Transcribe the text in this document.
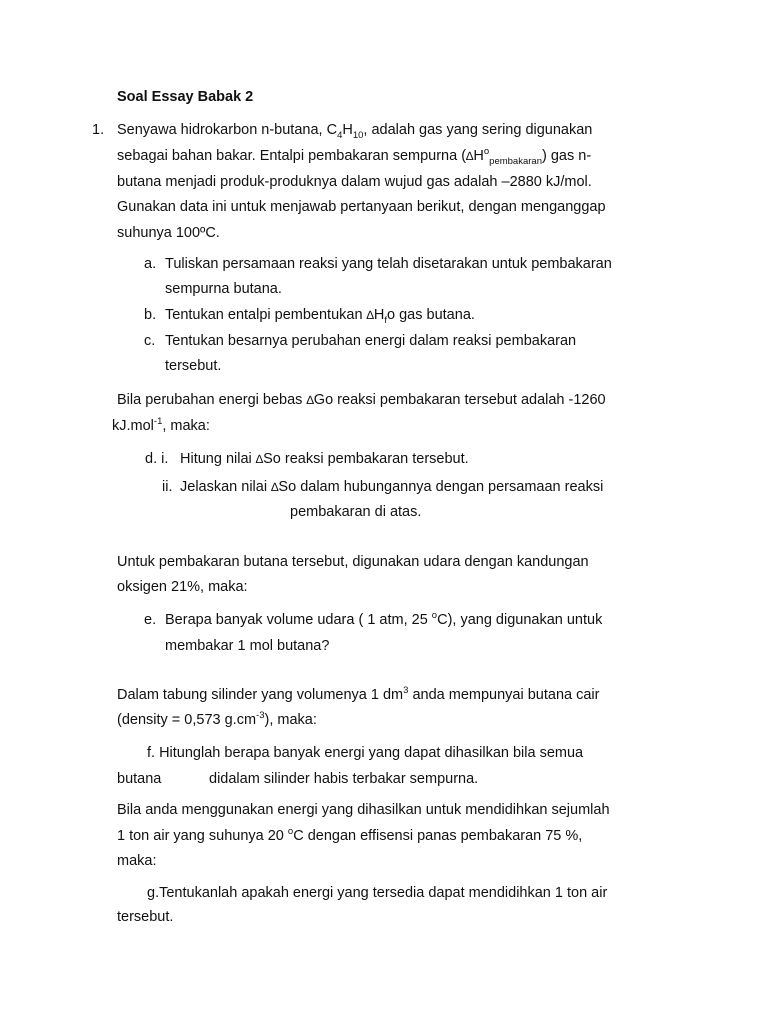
Soal Essay Babak 2
1. Senyawa hidrokarbon n-butana, $C_4H_{10}$, adalah gas yang sering digunakan
sebagai bahan bakar. Entalpi pembakaran sempurna $(\Delta H^o_{pembakaran})$ gas n-
butana menjadi produk-produknya dalam wujud gas adalah –2880 kJ/mol.
Gunakan data ini untuk menjawab pertanyaan berikut, dengan menganggap
suhunya 100ºC.
a. Tuliskan persamaan reaksi yang telah disetarakan untuk pembakaran
sempurna butana.
b. Tentukan entalpi pembentukan $\Delta H_fo$ gas butana.
c. Tentukan besarnya perubahan energi dalam reaksi pembakaran
tersebut.
Bila perubahan energi bebas ∆Go reaksi pembakaran tersebut adalah -1260
kJ.mol$^{-1}$, maka:
d. i. Hitung nilai ∆So reaksi pembakaran tersebut.
ii. Jelaskan nilai ∆So dalam hubungannya dengan persamaan reaksi
pembakaran di atas.
Untuk pembakaran butana tersebut, digunakan udara dengan kandungan
oksigen 21%, maka:
e. Berapa banyak volume udara ( 1 atm, 25 $^o$C), yang digunakan untuk
membakar 1 mol butana?
Dalam tabung silinder yang volumenya 1 $dm^3$ anda mempunyai butana cair
(density = 0,573 $g.cm^{-3}$), maka:
f. Hitunglah berapa banyak energi yang dapat dihasilkan bila semua
butana	didalam silinder habis terbakar sempurna.
Bila anda menggunakan energi yang dihasilkan untuk mendidihkan sejumlah
1 ton air yang suhunya 20 $^o$C dengan effisensi panas pembakaran 75 %,
maka:
g.Tentukanlah apakah energi yang tersedia dapat mendidihkan 1 ton air
tersebut.
